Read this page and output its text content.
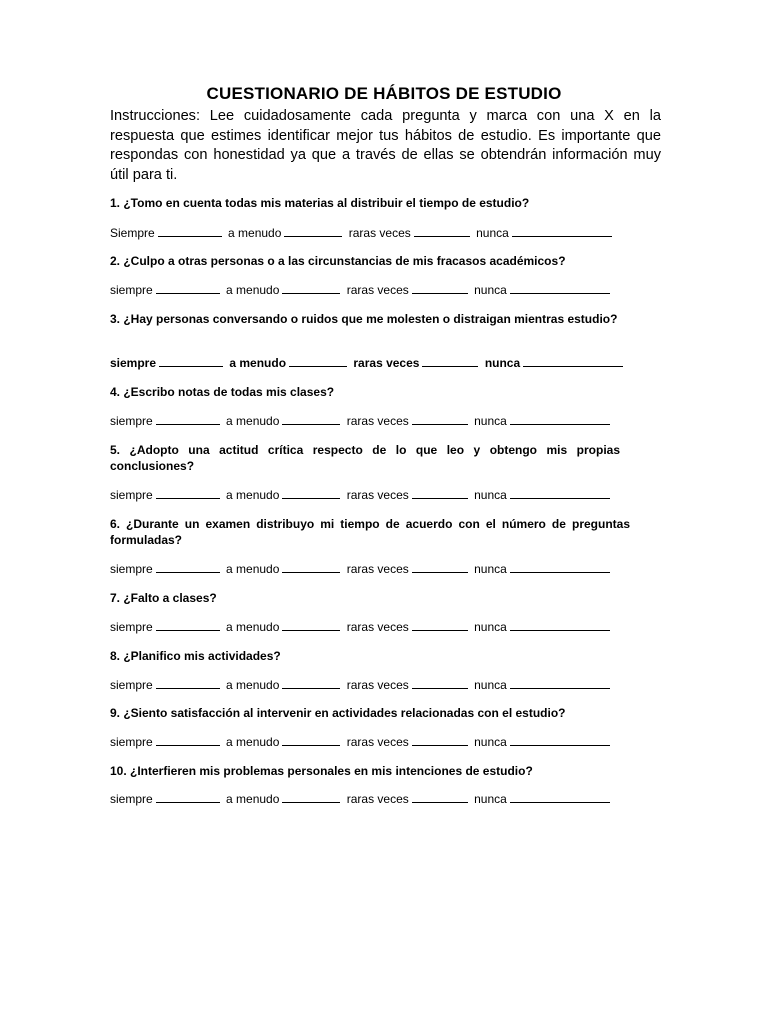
CUESTIONARIO DE HÁBITOS DE ESTUDIO
Instrucciones: Lee cuidadosamente cada pregunta y marca con una X en la respuesta que estimes identificar mejor tus hábitos de estudio. Es importante que respondas con honestidad ya que a través de ellas se obtendrán información muy útil para ti.
1. ¿Tomo en cuenta todas mis materias al distribuir el tiempo de estudio?
Siempre	a menudo	raras veces	nunca
2. ¿Culpo a otras personas o a las circunstancias de mis fracasos académicos?
siempre	a menudo	raras veces	nunca
3. ¿Hay personas conversando o ruidos que me molesten o distraigan mientras estudio?
siempre	a menudo	raras veces	nunca
4. ¿Escribo notas de todas mis clases?
siempre	a menudo	raras veces	nunca
5. ¿Adopto una actitud crítica respecto de lo que leo y obtengo mis propias conclusiones?
siempre	a menudo	raras veces	nunca
6. ¿Durante un examen distribuyo mi tiempo de acuerdo con el número de preguntas formuladas?
siempre	a menudo	raras veces	nunca
7. ¿Falto a clases?
siempre	a menudo	raras veces	nunca
8. ¿Planifico mis actividades?
siempre	a menudo	raras veces	nunca
9. ¿Siento satisfacción al intervenir en actividades relacionadas con el estudio?
siempre	a menudo	raras veces	nunca
10. ¿Interfieren mis problemas personales en mis intenciones de estudio?
siempre	a menudo	raras veces	nunca
